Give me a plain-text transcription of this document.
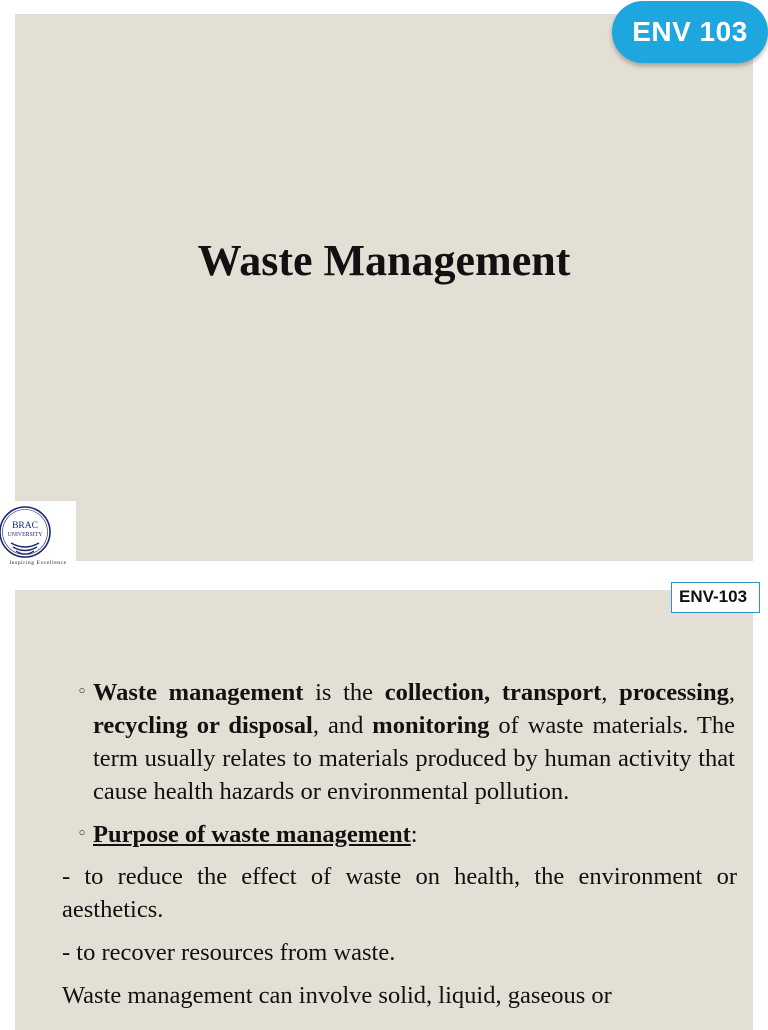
Waste Management
ENV 103
BRAC
UNIVERSITY
Inspiring Excellence

◦ Waste management is the collection, transport, processing, recycling or disposal, and monitoring of waste materials. The term usually relates to materials produced by human activity that cause health hazards or environmental pollution.

◦ Purpose of waste management:

- to reduce the effect of waste on health, the environment or aesthetics.

- to recover resources from waste.

Waste management can involve solid, liquid, gaseous or

ENV-103
